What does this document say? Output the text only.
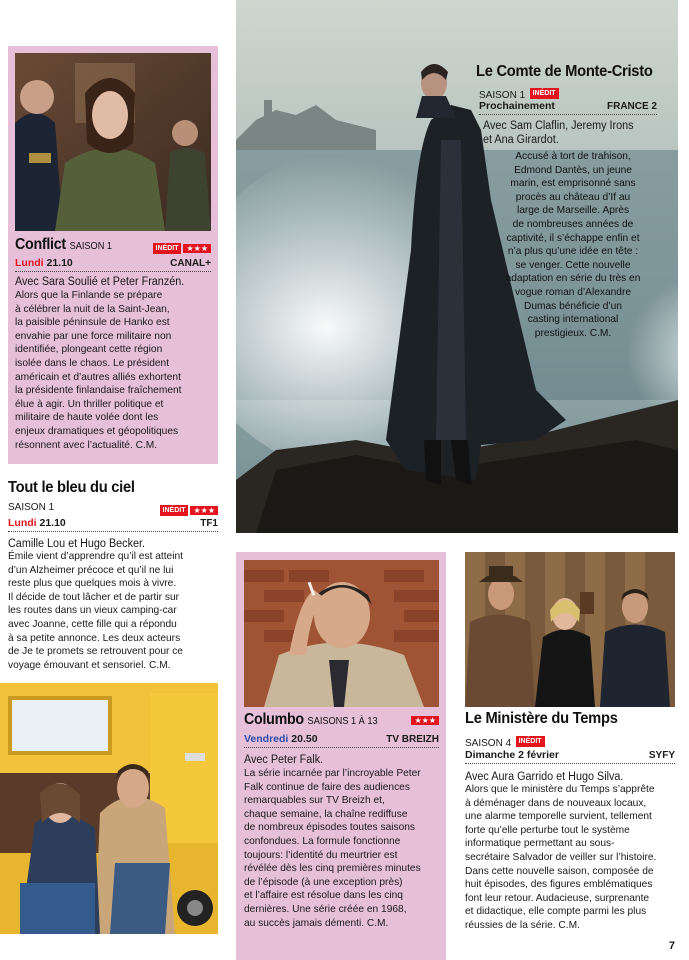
Conflict SAISON 1	INÉDIT ★★★
Lundi 21.10	CANAL+
Avec Sara Soulié et Peter Franzén.
Alors que la Finlande se prépare
à célébrer la nuit de la Saint-Jean,
la paisible péninsule de Hanko est
envahie par une force militaire non
identifiée, plongeant cette région
isolée dans le chaos. Le président
américain et d’autres alliés exhortent
la présidente finlandaise fraîchement
élue à agir. Un thriller politique et
militaire de haute volée dont les
enjeux dramatiques et géopolitiques
résonnent avec l’actualité. C.M.
Tout le bleu du ciel
SAISON 1	INÉDIT ★★★
Lundi 21.10	TF1
Camille Lou et Hugo Becker.
Émile vient d’apprendre qu’il est atteint
d’un Alzheimer précoce et qu’il ne lui
reste plus que quelques mois à vivre.
Il décide de tout lâcher et de partir sur
les routes dans un vieux camping-car
avec Joanne, cette fille qui a répondu
à sa petite annonce. Les deux acteurs
de Je te promets se retrouvent pour ce
voyage émouvant et sensoriel. C.M.
Le Comte de Monte-Cristo
SAISON 1 INÉDIT
Prochainement	FRANCE 2
Avec Sam Claflin, Jeremy Irons
et Ana Girardot.
Accusé à tort de trahison,
Edmond Dantès, un jeune
marin, est emprisonné sans
procès au château d’If au
large de Marseille. Après
de nombreuses années de
captivité, il s’échappe enfin et
n’a plus qu’une idée en tête :
se venger. Cette nouvelle
adaptation en série du très en
vogue roman d’Alexandre
Dumas bénéficie d’un
casting international
prestigieux. C.M.
Columbo SAISONS 1 À 13	★★★
Vendredi 20.50	TV BREIZH
Avec Peter Falk.
La série incarnée par l’incroyable Peter
Falk continue de faire des audiences
remarquables sur TV Breizh et,
chaque semaine, la chaîne rediffuse
de nombreux épisodes toutes saisons
confondues. La formule fonctionne
toujours: l’identité du meurtrier est
révélée dès les cinq premières minutes
de l’épisode (à une exception près)
et l’affaire est résolue dans les cinq
dernières. Une série créée en 1968,
au succès jamais démenti. C.M.
Le Ministère du Temps
SAISON 4 INÉDIT
Dimanche 2 février	SYFY
Avec Aura Garrido et Hugo Silva.
Alors que le ministère du Temps s’apprête
à déménager dans de nouveaux locaux,
une alarme temporelle survient, tellement
forte qu’elle perturbe tout le système
informatique permettant au sous-
secrétaire Salvador de veiller sur l’histoire.
Dans cette nouvelle saison, composée de
huit épisodes, des figures emblématiques
font leur retour. Audacieuse, surprenante
et didactique, elle compte parmi les plus
réussies de la série. C.M.
7
